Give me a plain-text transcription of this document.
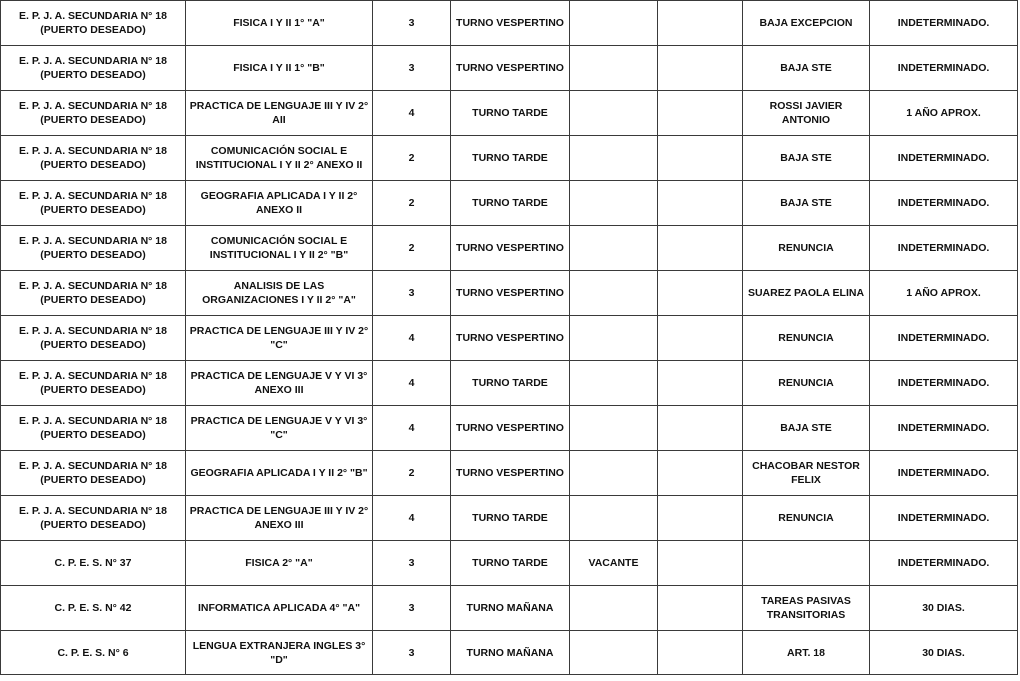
E. P. J. A. SECUNDARIA N° 18 (PUERTO DESEADO)	FISICA I Y II 1° "A"	3	TURNO VESPERTINO			BAJA EXCEPCION	INDETERMINADO.

E. P. J. A. SECUNDARIA N° 18 (PUERTO DESEADO)	FISICA I Y II 1° "B"	3	TURNO VESPERTINO			BAJA STE	INDETERMINADO.

E. P. J. A. SECUNDARIA N° 18 (PUERTO DESEADO)	PRACTICA DE LENGUAJE III Y IV 2° AII	4	TURNO TARDE			ROSSI JAVIER ANTONIO	1 AÑO APROX.

E. P. J. A. SECUNDARIA N° 18 (PUERTO DESEADO)	COMUNICACIÓN SOCIAL E INSTITUCIONAL I Y II 2° ANEXO II	2	TURNO TARDE			BAJA STE	INDETERMINADO.

E. P. J. A. SECUNDARIA N° 18 (PUERTO DESEADO)	GEOGRAFIA APLICADA I Y II 2° ANEXO II	2	TURNO TARDE			BAJA STE	INDETERMINADO.

E. P. J. A. SECUNDARIA N° 18 (PUERTO DESEADO)	COMUNICACIÓN SOCIAL E INSTITUCIONAL I Y II 2° "B"	2	TURNO VESPERTINO			RENUNCIA	INDETERMINADO.

E. P. J. A. SECUNDARIA N° 18 (PUERTO DESEADO)	ANALISIS DE LAS ORGANIZACIONES I Y II 2° "A"	3	TURNO VESPERTINO			SUAREZ PAOLA ELINA	1 AÑO APROX.

E. P. J. A. SECUNDARIA N° 18 (PUERTO DESEADO)	PRACTICA DE LENGUAJE III Y IV 2° "C"	4	TURNO VESPERTINO			RENUNCIA	INDETERMINADO.

E. P. J. A. SECUNDARIA N° 18 (PUERTO DESEADO)	PRACTICA DE LENGUAJE V Y VI 3° ANEXO III	4	TURNO TARDE			RENUNCIA	INDETERMINADO.

E. P. J. A. SECUNDARIA N° 18 (PUERTO DESEADO)	PRACTICA DE LENGUAJE V Y VI 3° "C"	4	TURNO VESPERTINO			BAJA STE	INDETERMINADO.

E. P. J. A. SECUNDARIA N° 18 (PUERTO DESEADO)	GEOGRAFIA APLICADA I Y II 2° "B"	2	TURNO VESPERTINO			CHACOBAR NESTOR FELIX	INDETERMINADO.

E. P. J. A. SECUNDARIA N° 18 (PUERTO DESEADO)	PRACTICA DE LENGUAJE III Y IV 2° ANEXO III	4	TURNO TARDE			RENUNCIA	INDETERMINADO.

C. P. E. S. N° 37	FISICA 2° "A"	3	TURNO TARDE	VACANTE			INDETERMINADO.

C. P. E. S. N° 42	INFORMATICA APLICADA 4° "A"	3	TURNO MAÑANA			TAREAS PASIVAS TRANSITORIAS	30 DIAS.

C. P. E. S. N° 6	LENGUA EXTRANJERA INGLES 3° "D"	3	TURNO MAÑANA			ART. 18	30 DIAS.
